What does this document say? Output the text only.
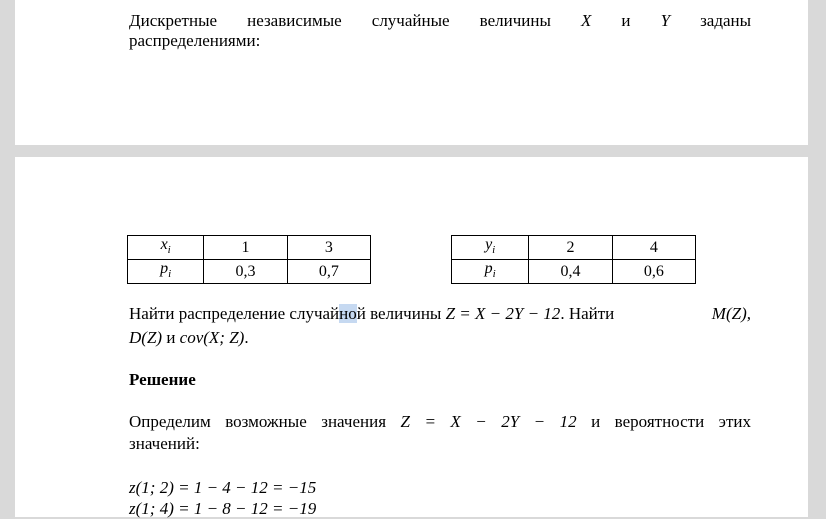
Дискретные независимые случайные величины X и Y заданы
распределениями:
$x_i$	1	3
$p_i$	0,3	0,7
$y_i$	2	4
$p_i$	0,4	0,6
Найти распределение случайной величины Z = X − 2Y − 12. Найти	M(Z),
D(Z) и cov(X; Z).
Решение
Определим возможные значения Z = X − 2Y − 12 и вероятности этих
значений:
z(1; 2) = 1 − 4 − 12 = −15
z(1; 4) = 1 − 8 − 12 = −19
